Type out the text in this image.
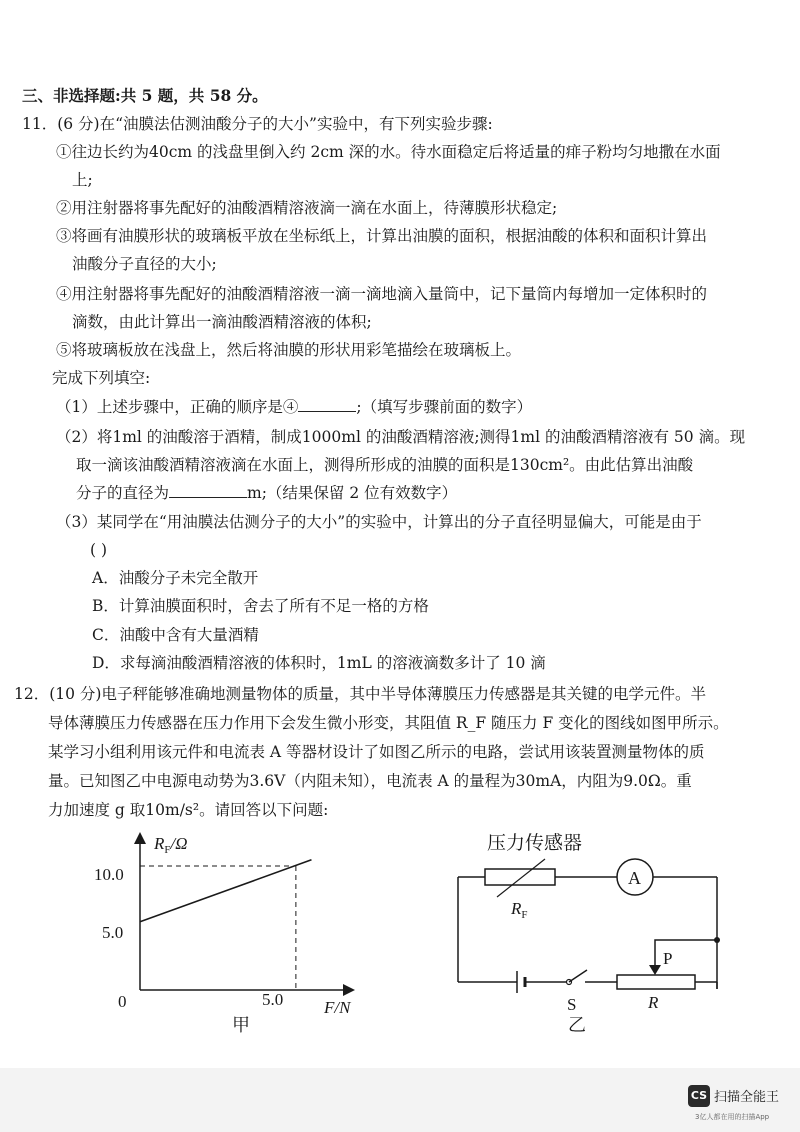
三、非选择题:共 5 题，共 58 分。
11．(6 分)在“油膜法估测油酸分子的大小”实验中，有下列实验步骤:
①往边长约为40cm 的浅盘里倒入约 2cm 深的水。待水面稳定后将适量的痱子粉均匀地撒在水面
上;
②用注射器将事先配好的油酸酒精溶液滴一滴在水面上，待薄膜形状稳定;
③将画有油膜形状的玻璃板平放在坐标纸上，计算出油膜的面积，根据油酸的体积和面积计算出
油酸分子直径的大小;
④用注射器将事先配好的油酸酒精溶液一滴一滴地滴入量筒中，记下量筒内每增加一定体积时的
滴数，由此计算出一滴油酸酒精溶液的体积;
⑤将玻璃板放在浅盘上，然后将油膜的形状用彩笔描绘在玻璃板上。
完成下列填空:
（1）上述步骤中，正确的顺序是④	;（填写步骤前面的数字）
（2）将1ml 的油酸溶于酒精，制成1000ml 的油酸酒精溶液;测得1ml 的油酸酒精溶液有 50 滴。现
取一滴该油酸酒精溶液滴在水面上，测得所形成的油膜的面积是130cm²。由此估算出油酸
分子的直径为	m;（结果保留 2 位有效数字）
（3）某同学在“用油膜法估测分子的大小”的实验中，计算出的分子直径明显偏大，可能是由于
( )
A．油酸分子未完全散开
B．计算油膜面积时，舍去了所有不足一格的方格
C．油酸中含有大量酒精
D．求每滴油酸酒精溶液的体积时，1mL 的溶液滴数多计了 10 滴
12．(10 分)电子秤能够准确地测量物体的质量，其中半导体薄膜压力传感器是其关键的电学元件。半
导体薄膜压力传感器在压力作用下会发生微小形变，其阻值 R_F 随压力 F 变化的图线如图甲所示。
某学习小组利用该元件和电流表 A 等器材设计了如图乙所示的电路，尝试用该装置测量物体的质
量。已知图乙中电源电动势为3.6V（内阻未知），电流表 A 的量程为30mA，内阻为9.0Ω。重
力加速度 g 取10m/s²。请回答以下问题:
$R_F/\Omega$
F/N
0	5.0
10.0
5.0
甲
压力传感器
A
P
R
S
$R_F$
乙
CS 扫描全能王
3亿人都在用的扫描App
